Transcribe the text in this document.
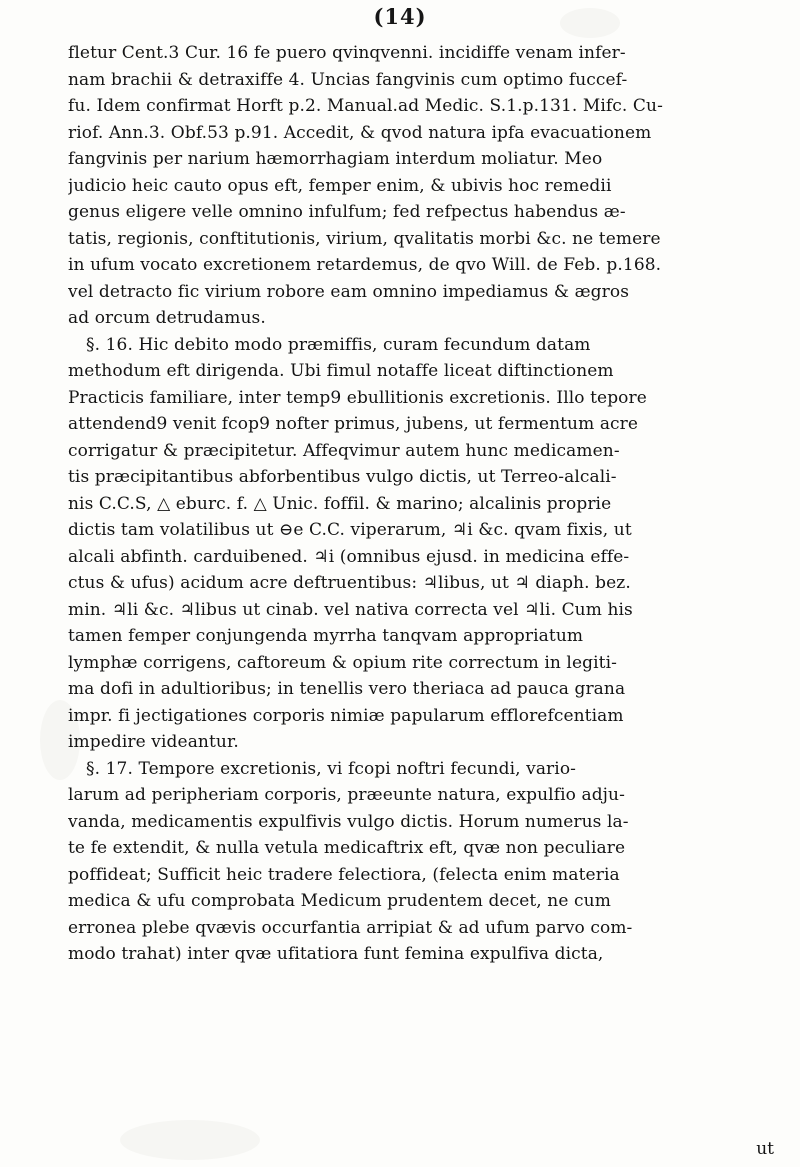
(14)
fletur Cent.3 Cur. 16 fe puero qvinqvenni. incidiffe venam infer-
nam brachii & detraxiffe 4. Uncias fangvinis cum optimo fuccef-
fu. Idem confirmat Horft p.2. Manual.ad Medic. S.1.p.131. Mifc. Cu-
riof. Ann.3. Obf.53 p.91. Accedit, & qvod natura ipfa evacuationem
fangvinis per narium hæmorrhagiam interdum moliatur. Meo
judicio heic cauto opus eft, femper enim, & ubivis hoc remedii
genus eligere velle omnino infulfum; fed refpectus habendus æ-
tatis, regionis, conftitutionis, virium, qvalitatis morbi &c. ne temere
in ufum vocato excretionem retardemus, de qvo Will. de Feb. p.168.
vel detracto fic virium robore eam omnino impediamus & ægros
ad orcum detrudamus.
§. 16. Hic debito modo præmiffis, curam fecundum datam
methodum eft dirigenda. Ubi fimul notaffe liceat diftinctionem
Practicis familiare, inter temp9 ebullitionis excretionis. Illo tepore
attendend9 venit fcop9 nofter primus, jubens, ut fermentum acre
corrigatur & præcipitetur. Affeqvimur autem hunc medicamen-
tis præcipitantibus abforbentibus vulgo dictis, ut Terreo-alcali-
nis C.C.S, △ eburc. f. △ Unic. foffil. & marino; alcalinis proprie
dictis tam volatilibus ut ⊖e C.C. viperarum, ♃i &c. qvam fixis, ut
alcali abfinth. carduibened. ♃i (omnibus ejusd. in medicina effe-
ctus & ufus) acidum acre deftruentibus: ♃libus, ut ♃ diaph. bez.
min. ♃li &c. ♃libus ut cinab. vel nativa correcta vel ♃li. Cum his
tamen femper conjungenda myrrha tanqvam appropriatum
lymphæ corrigens, caftoreum & opium rite correctum in legiti-
ma dofi in adultioribus; in tenellis vero theriaca ad pauca grana
impr. fi jectigationes corporis nimiæ papularum efflorefcentiam
impedire videantur.
§. 17. Tempore excretionis, vi fcopi noftri fecundi, vario-
larum ad peripheriam corporis, præeunte natura, expulfio adju-
vanda, medicamentis expulfivis vulgo dictis. Horum numerus la-
te fe extendit, & nulla vetula medicaftrix eft, qvæ non peculiare
poffideat; Sufficit heic tradere felectiora, (felecta enim materia
medica & ufu comprobata Medicum prudentem decet, ne cum
erronea plebe qvævis occurfantia arripiat & ad ufum parvo com-
modo trahat) inter qvæ ufitatiora funt femina expulfiva dicta,
ut
